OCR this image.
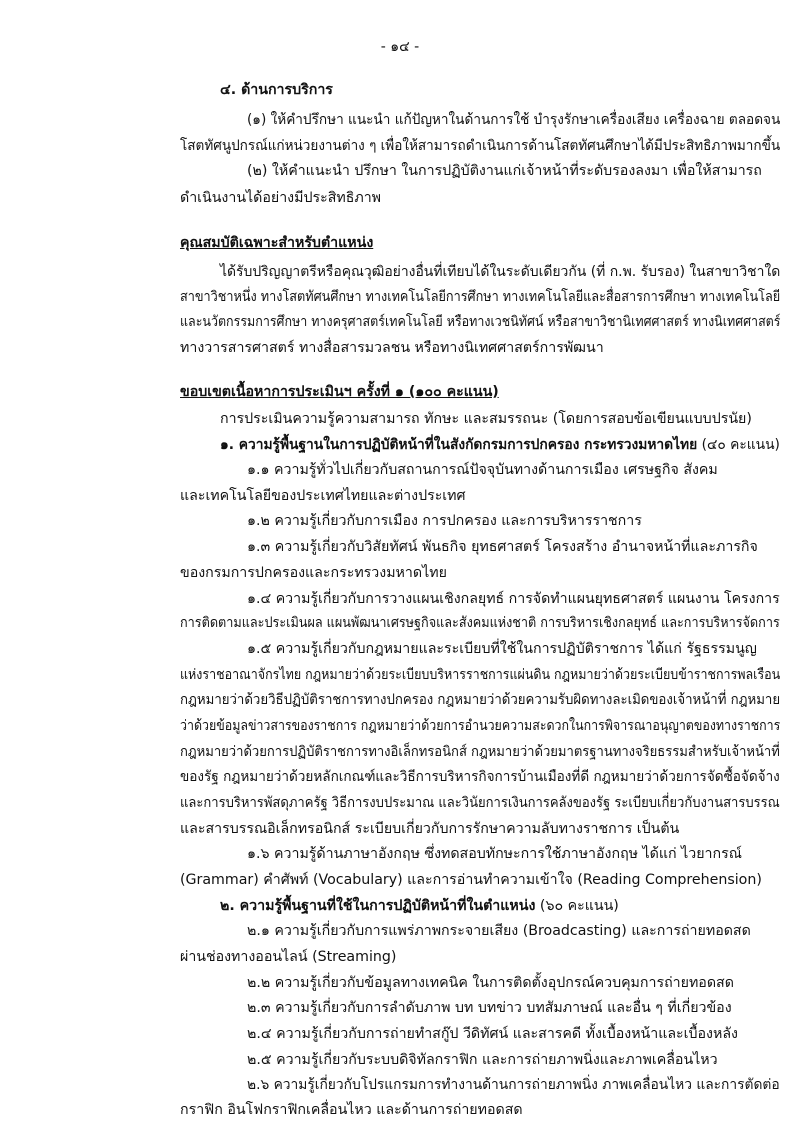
- ๑๔ -
๔. ด้านการบริการ
(๑) ให้คำปรึกษา แนะนำ แก้ปัญหาในด้านการใช้ บำรุงรักษาเครื่องเสียง เครื่องฉาย ตลอดจน
โสตทัศนูปกรณ์แก่หน่วยงานต่าง ๆ เพื่อให้สามารถดำเนินการด้านโสตทัศนศึกษาได้มีประสิทธิภาพมากขึ้น
(๒) ให้คำแนะนำ ปรึกษา ในการปฏิบัติงานแก่เจ้าหน้าที่ระดับรองลงมา เพื่อให้สามารถ
ดำเนินงานได้อย่างมีประสิทธิภาพ
คุณสมบัติเฉพาะสำหรับตำแหน่ง
ได้รับปริญญาตรีหรือคุณวุฒิอย่างอื่นที่เทียบได้ในระดับเดียวกัน (ที่ ก.พ. รับรอง) ในสาขาวิชาใด
สาขาวิชาหนึ่ง ทางโสตทัศนศึกษา ทางเทคโนโลยีการศึกษา ทางเทคโนโลยีและสื่อสารการศึกษา ทางเทคโนโลยี
และนวัตกรรมการศึกษา ทางครุศาสตร์เทคโนโลยี หรือทางเวชนิทัศน์ หรือสาขาวิชานิเทศศาสตร์ ทางนิเทศศาสตร์
ทางวารสารศาสตร์ ทางสื่อสารมวลชน หรือทางนิเทศศาสตร์การพัฒนา
ขอบเขตเนื้อหาการประเมินฯ ครั้งที่ ๑ (๑๐๐ คะแนน)
การประเมินความรู้ความสามารถ ทักษะ และสมรรถนะ (โดยการสอบข้อเขียนแบบปรนัย)
๑. ความรู้พื้นฐานในการปฏิบัติหน้าที่ในสังกัดกรมการปกครอง กระทรวงมหาดไทย (๔๐ คะแนน)
๑.๑ ความรู้ทั่วไปเกี่ยวกับสถานการณ์ปัจจุบันทางด้านการเมือง เศรษฐกิจ สังคม
และเทคโนโลยีของประเทศไทยและต่างประเทศ
๑.๒ ความรู้เกี่ยวกับการเมือง การปกครอง และการบริหารราชการ
๑.๓ ความรู้เกี่ยวกับวิสัยทัศน์ พันธกิจ ยุทธศาสตร์ โครงสร้าง อำนาจหน้าที่และภารกิจ
ของกรมการปกครองและกระทรวงมหาดไทย
๑.๔ ความรู้เกี่ยวกับการวางแผนเชิงกลยุทธ์ การจัดทำแผนยุทธศาสตร์ แผนงาน โครงการ
การติดตามและประเมินผล แผนพัฒนาเศรษฐกิจและสังคมแห่งชาติ การบริหารเชิงกลยุทธ์ และการบริหารจัดการ
๑.๕ ความรู้เกี่ยวกับกฎหมายและระเบียบที่ใช้ในการปฏิบัติราชการ ได้แก่ รัฐธรรมนูญ
แห่งราชอาณาจักรไทย กฎหมายว่าด้วยระเบียบบริหารราชการแผ่นดิน กฎหมายว่าด้วยระเบียบข้าราชการพลเรือน
กฎหมายว่าด้วยวิธีปฏิบัติราชการทางปกครอง กฎหมายว่าด้วยความรับผิดทางละเมิดของเจ้าหน้าที่ กฎหมาย
ว่าด้วยข้อมูลข่าวสารของราชการ กฎหมายว่าด้วยการอำนวยความสะดวกในการพิจารณาอนุญาตของทางราชการ
กฎหมายว่าด้วยการปฏิบัติราชการทางอิเล็กทรอนิกส์ กฎหมายว่าด้วยมาตรฐานทางจริยธรรมสำหรับเจ้าหน้าที่
ของรัฐ กฎหมายว่าด้วยหลักเกณฑ์และวิธีการบริหารกิจการบ้านเมืองที่ดี กฎหมายว่าด้วยการจัดซื้อจัดจ้าง
และการบริหารพัสดุภาครัฐ วิธีการงบประมาณ และวินัยการเงินการคลังของรัฐ ระเบียบเกี่ยวกับงานสารบรรณ
และสารบรรณอิเล็กทรอนิกส์ ระเบียบเกี่ยวกับการรักษาความลับทางราชการ เป็นต้น
๑.๖ ความรู้ด้านภาษาอังกฤษ ซึ่งทดสอบทักษะการใช้ภาษาอังกฤษ ได้แก่ ไวยากรณ์
(Grammar) คำศัพท์ (Vocabulary) และการอ่านทำความเข้าใจ (Reading Comprehension)
๒. ความรู้พื้นฐานที่ใช้ในการปฏิบัติหน้าที่ในตำแหน่ง (๖๐ คะแนน)
๒.๑ ความรู้เกี่ยวกับการแพร่ภาพกระจายเสียง (Broadcasting) และการถ่ายทอดสด
ผ่านช่องทางออนไลน์ (Streaming)
๒.๒ ความรู้เกี่ยวกับข้อมูลทางเทคนิค ในการติดตั้งอุปกรณ์ควบคุมการถ่ายทอดสด
๒.๓ ความรู้เกี่ยวกับการลำดับภาพ บท บทข่าว บทสัมภาษณ์ และอื่น ๆ ที่เกี่ยวข้อง
๒.๔ ความรู้เกี่ยวกับการถ่ายทำสกู๊ป วีดิทัศน์ และสารคดี ทั้งเบื้องหน้าและเบื้องหลัง
๒.๕ ความรู้เกี่ยวกับระบบดิจิทัลกราฟิก และการถ่ายภาพนิ่งและภาพเคลื่อนไหว
๒.๖ ความรู้เกี่ยวกับโปรแกรมการทำงานด้านการถ่ายภาพนิ่ง ภาพเคลื่อนไหว และการตัดต่อ
กราฟิก อินโฟกราฟิกเคลื่อนไหว และด้านการถ่ายทอดสด
